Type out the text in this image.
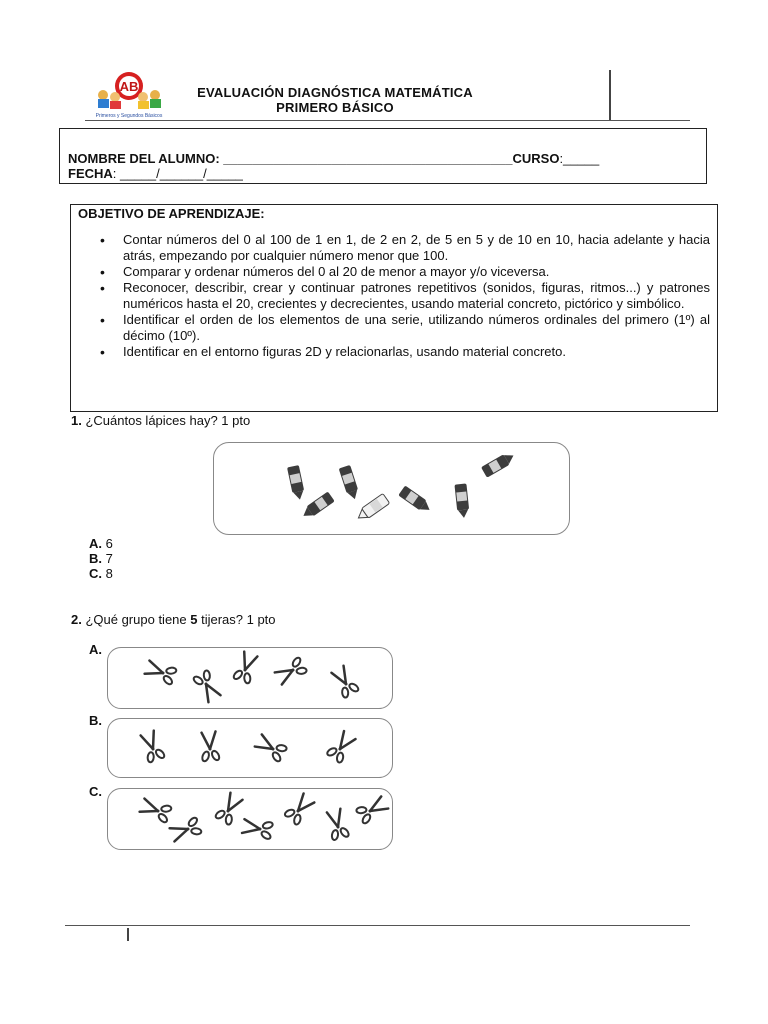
AB
Primeros y Segundos Básicos
EVALUACIÓN DIAGNÓSTICA MATEMÁTICA
PRIMERO BÁSICO
NOMBRE DEL ALUMNO: ________________________________________CURSO:_____
FECHA: _____/______/_____
OBJETIVO DE APRENDIZAJE:
• Contar números del 0 al 100 de 1 en 1, de 2 en 2, de 5 en 5 y de 10 en 10, hacia adelante y hacia atrás, empezando por cualquier número menor que 100.
• Comparar y ordenar números del 0 al 20 de menor a mayor y/o viceversa.
• Reconocer, describir, crear y continuar patrones repetitivos (sonidos, figuras, ritmos...) y patrones numéricos hasta el 20, crecientes y decrecientes, usando material concreto, pictórico y simbólico.
• Identificar el orden de los elementos de una serie, utilizando números ordinales del primero (1º) al décimo (10º).
• Identificar en el entorno figuras 2D y relacionarlas, usando material concreto.
1. ¿Cuántos lápices hay? 1 pto
A. 6
B. 7
C. 8
2. ¿Qué grupo tiene 5 tijeras? 1 pto
A.
B.
C.
